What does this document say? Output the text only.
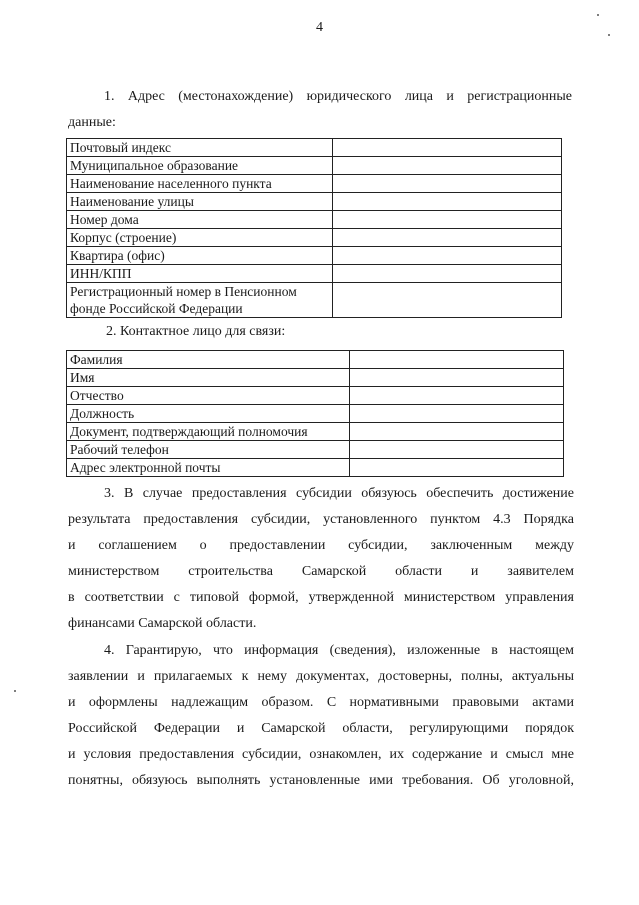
4
1. Адрес (местонахождение) юридического лица и регистрационные
данные:
Почтовый индекс	
Муниципальное образование	
Наименование населенного пункта	
Наименование улицы	
Номер дома	
Корпус (строение)	
Квартира (офис)	
ИНН/КПП	
Регистрационный номер в Пенсионном фонде Российской Федерации	
2. Контактное лицо для связи:
Фамилия	
Имя	
Отчество	
Должность	
Документ, подтверждающий полномочия	
Рабочий телефон	
Адрес электронной почты	
3. В случае предоставления субсидии обязуюсь обеспечить достижение
результата предоставления субсидии, установленного пунктом 4.3 Порядка
и соглашением о предоставлении субсидии, заключенным между
министерством строительства Самарской области и заявителем
в соответствии с типовой формой, утвержденной министерством управления
финансами Самарской области.
4. Гарантирую, что информация (сведения), изложенные в настоящем
заявлении и прилагаемых к нему документах, достоверны, полны, актуальны
и оформлены надлежащим образом. С нормативными правовыми актами
Российской Федерации и Самарской области, регулирующими порядок
и условия предоставления субсидии, ознакомлен, их содержание и смысл мне
понятны, обязуюсь выполнять установленные ими требования. Об уголовной,
